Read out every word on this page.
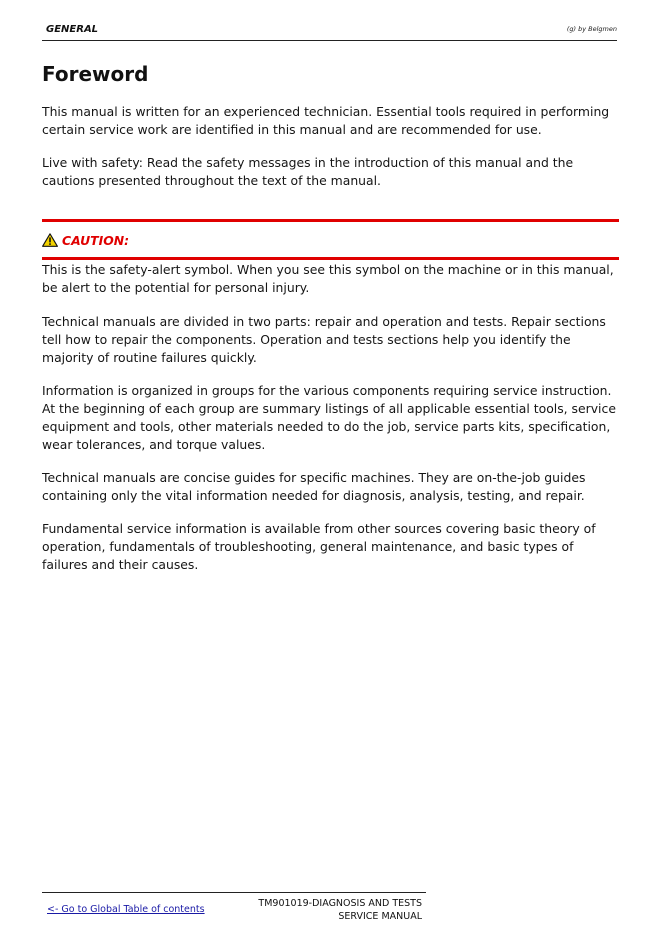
GENERAL	(g) by Belgmen
Foreword

This manual is written for an experienced technician. Essential tools required in performing certain service work are identified in this manual and are recommended for use.

Live with safety: Read the safety messages in the introduction of this manual and the cautions presented throughout the text of the manual.

CAUTION:

This is the safety-alert symbol. When you see this symbol on the machine or in this manual, be alert to the potential for personal injury.

Technical manuals are divided in two parts: repair and operation and tests. Repair sections tell how to repair the components. Operation and tests sections help you identify the majority of routine failures quickly.

Information is organized in groups for the various components requiring service instruction. At the beginning of each group are summary listings of all applicable essential tools, service equipment and tools, other materials needed to do the job, service parts kits, specification, wear tolerances, and torque values.

Technical manuals are concise guides for specific machines. They are on-the-job guides containing only the vital information needed for diagnosis, analysis, testing, and repair.

Fundamental service information is available from other sources covering basic theory of operation, fundamentals of troubleshooting, general maintenance, and basic types of failures and their causes.

<- Go to Global Table of contents
TM901019-DIAGNOSIS AND TESTS
SERVICE MANUAL
